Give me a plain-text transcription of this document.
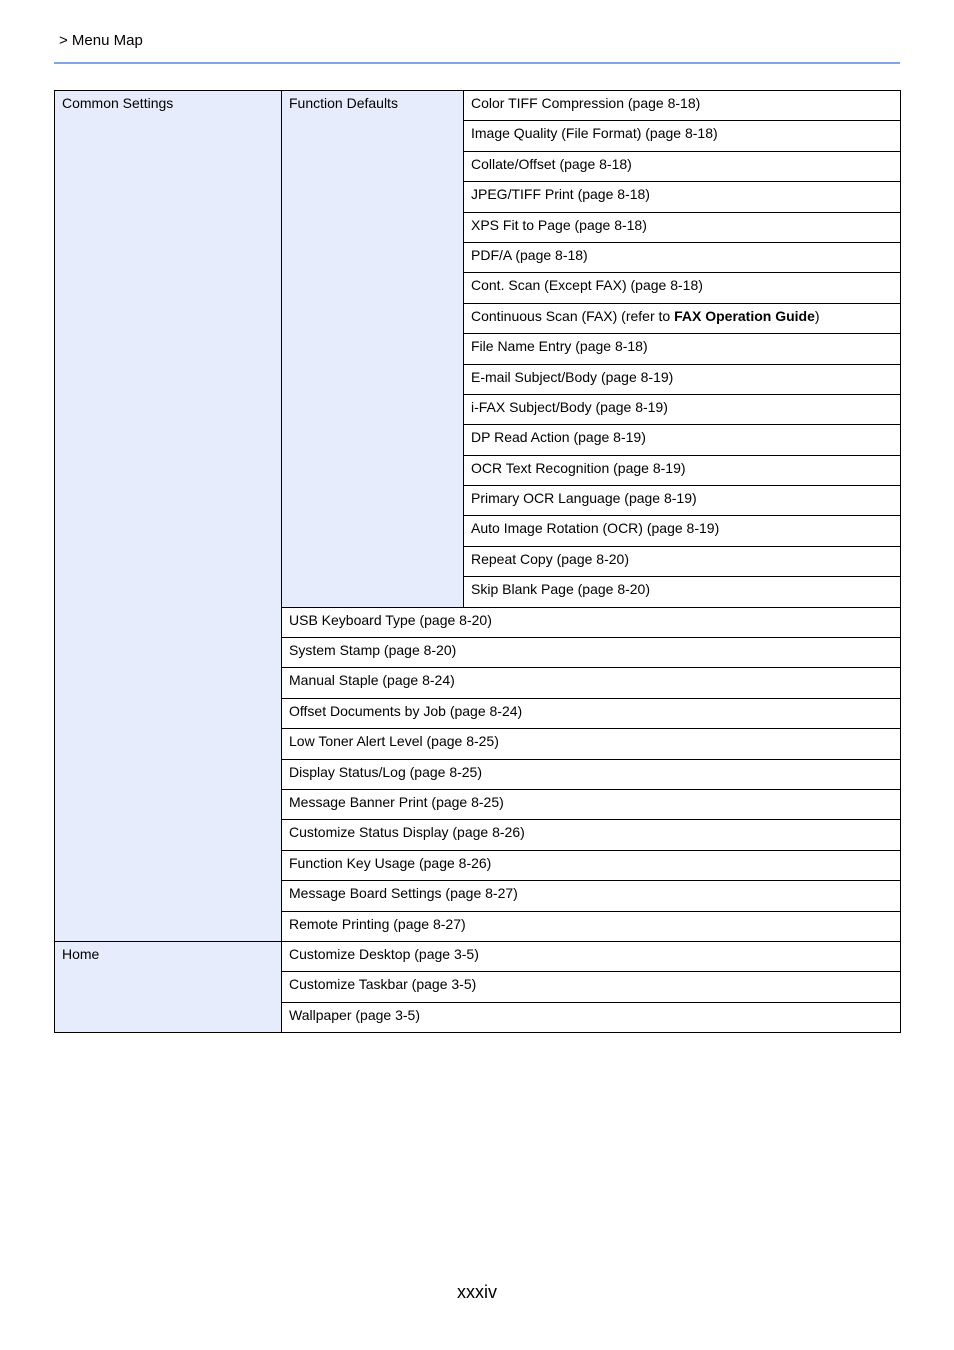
> Menu Map
Common Settings	Function Defaults	Color TIFF Compression (page 8-18)
		Image Quality (File Format) (page 8-18)
		Collate/Offset (page 8-18)
		JPEG/TIFF Print (page 8-18)
		XPS Fit to Page (page 8-18)
		PDF/A (page 8-18)
		Cont. Scan (Except FAX) (page 8-18)
		Continuous Scan (FAX) (refer to FAX Operation Guide)
		File Name Entry (page 8-18)
		E-mail Subject/Body (page 8-19)
		i-FAX Subject/Body (page 8-19)
		DP Read Action (page 8-19)
		OCR Text Recognition (page 8-19)
		Primary OCR Language (page 8-19)
		Auto Image Rotation (OCR) (page 8-19)
		Repeat Copy (page 8-20)
		Skip Blank Page (page 8-20)
	USB Keyboard Type (page 8-20)	
	System Stamp (page 8-20)	
	Manual Staple (page 8-24)	
	Offset Documents by Job (page 8-24)	
	Low Toner Alert Level (page 8-25)	
	Display Status/Log (page 8-25)	
	Message Banner Print (page 8-25)	
	Customize Status Display (page 8-26)	
	Function Key Usage (page 8-26)	
	Message Board Settings (page 8-27)	
	Remote Printing (page 8-27)	
Home	Customize Desktop (page 3-5)	
	Customize Taskbar (page 3-5)	
	Wallpaper (page 3-5)	
xxxiv
